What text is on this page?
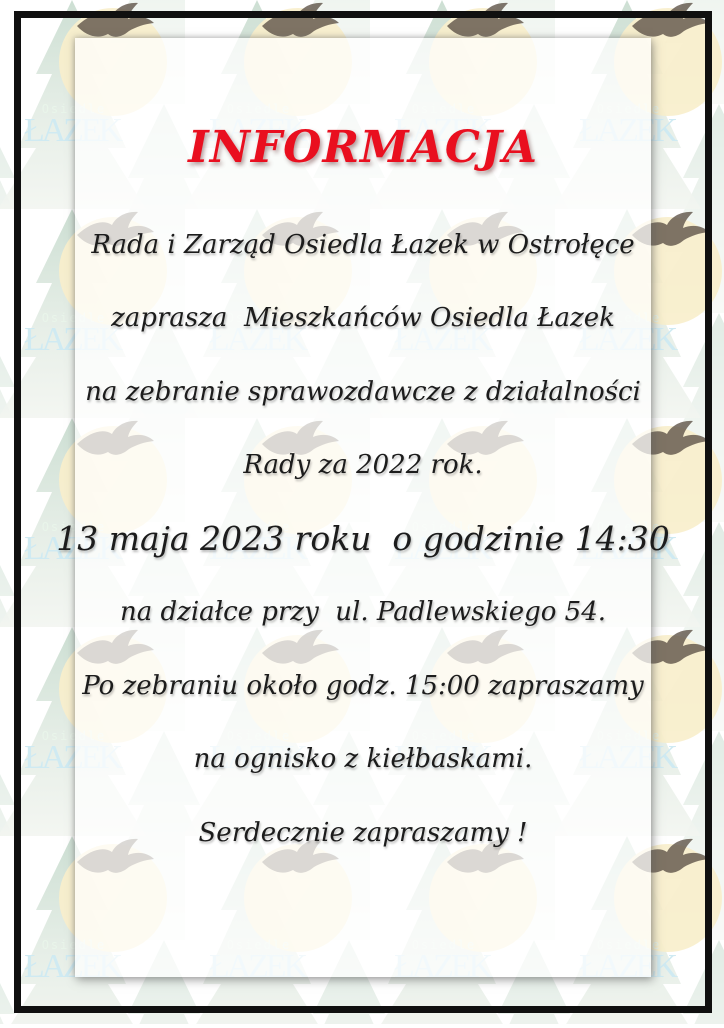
INFORMACJA
Rada i Zarząd Osiedla Łazek w Ostrołęce
zaprasza  Mieszkańców Osiedla Łazek
na zebranie sprawozdawcze z działalności
Rady za 2022 rok.
13 maja 2023 roku  o godzinie 14:30
na działce przy  ul. Padlewskiego 54.
Po zebraniu około godz. 15:00 zapraszamy
na ognisko z kiełbaskami.
Serdecznie zapraszamy !
